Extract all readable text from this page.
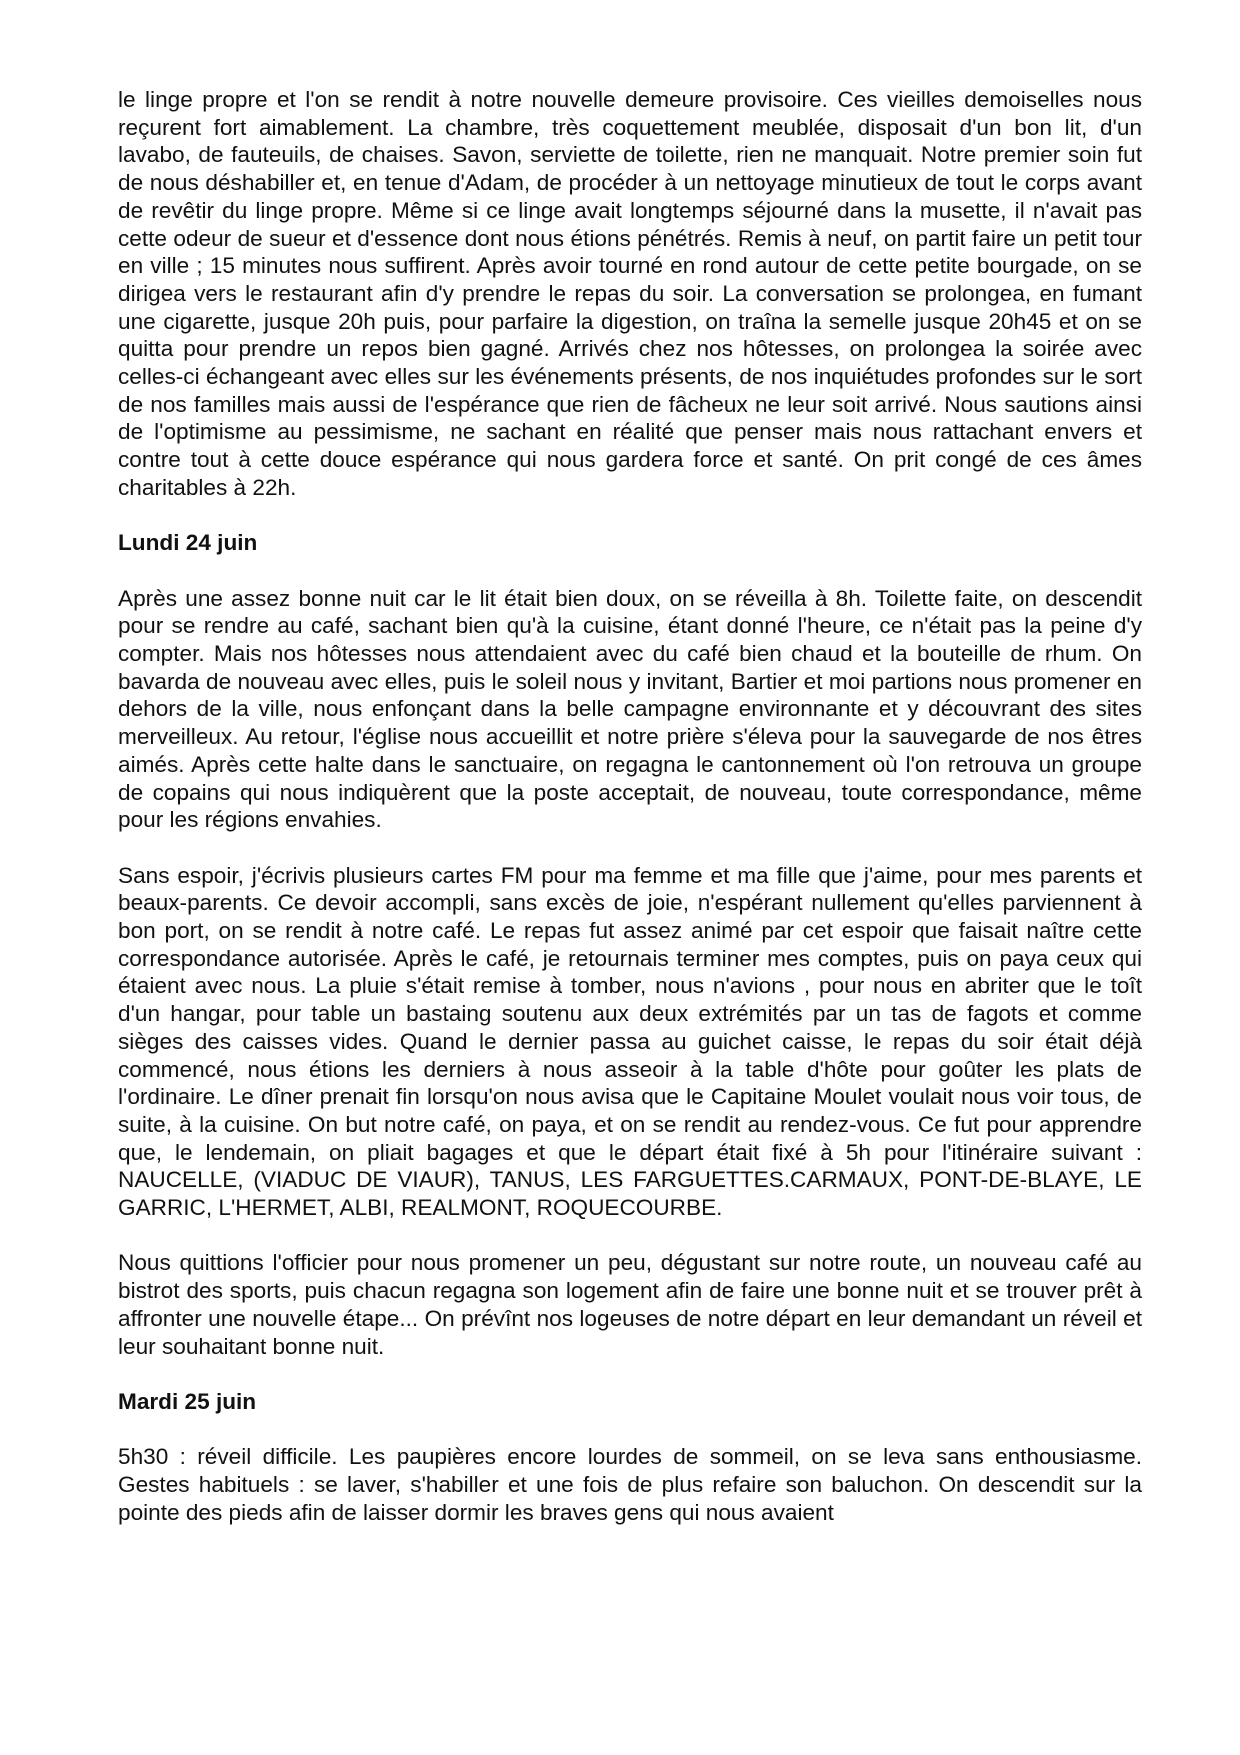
le linge propre et l'on se rendit à notre nouvelle demeure provisoire. Ces vieilles demoiselles nous reçurent fort aimablement. La chambre, très coquettement meublée, disposait d'un bon lit, d'un lavabo, de fauteuils, de chaises. Savon, serviette de toilette, rien ne manquait. Notre premier soin fut de nous déshabiller et, en tenue d'Adam, de procéder à un nettoyage minutieux de tout le corps avant de revêtir du linge propre. Même si ce linge avait longtemps séjourné dans la musette, il n'avait pas cette odeur de sueur et d'essence dont nous étions pénétrés. Remis à neuf, on partit faire un petit tour en ville ; 15 minutes nous suffirent. Après avoir tourné en rond autour de cette petite bourgade, on se dirigea vers le restaurant afin d'y prendre le repas du soir. La conversation se prolongea, en fumant une cigarette, jusque 20h puis, pour parfaire la digestion, on traîna la semelle jusque 20h45 et on se quitta pour prendre un repos bien gagné. Arrivés chez nos hôtesses, on prolongea la soirée avec celles-ci échangeant avec elles sur les événements présents, de nos inquiétudes profondes sur le sort de nos familles mais aussi de l'espérance que rien de fâcheux ne leur soit arrivé. Nous sautions ainsi de l'optimisme au pessimisme, ne sachant en réalité que penser mais nous rattachant envers et contre tout à cette douce espérance qui nous gardera force et santé. On prit congé de ces âmes charitables à 22h.

Lundi 24 juin

Après une assez bonne nuit car le lit était bien doux, on se réveilla à 8h. Toilette faite, on descendit pour se rendre au café, sachant bien qu'à la cuisine, étant donné l'heure, ce n'était pas la peine d'y compter. Mais nos hôtesses nous attendaient avec du café bien chaud et la bouteille de rhum. On bavarda de nouveau avec elles, puis le soleil nous y invitant, Bartier et moi partions nous promener en dehors de la ville, nous enfonçant dans la belle campagne environnante et y découvrant des sites merveilleux. Au retour, l'église nous accueillit et notre prière s'éleva pour la sauvegarde de nos êtres aimés. Après cette halte dans le sanctuaire, on regagna le cantonnement où l'on retrouva un groupe de copains qui nous indiquèrent que la poste acceptait, de nouveau, toute correspondance, même pour les régions envahies.

Sans espoir, j'écrivis plusieurs cartes FM pour ma femme et ma fille que j'aime, pour mes parents et beaux-parents. Ce devoir accompli, sans excès de joie, n'espérant nullement qu'elles parviennent à bon port, on se rendit à notre café. Le repas fut assez animé par cet espoir que faisait naître cette correspondance autorisée. Après le café, je retournais terminer mes comptes, puis on paya ceux qui étaient avec nous. La pluie s'était remise à tomber, nous n'avions , pour nous en abriter que le toît d'un hangar, pour table un bastaing soutenu aux deux extrémités par un tas de fagots et comme sièges des caisses vides. Quand le dernier passa au guichet caisse, le repas du soir était déjà commencé, nous étions les derniers à nous asseoir à la table d'hôte pour goûter les plats de l'ordinaire. Le dîner prenait fin lorsqu'on nous avisa que le Capitaine Moulet voulait nous voir tous, de suite, à la cuisine. On but notre café, on paya, et on se rendit au rendez-vous. Ce fut pour apprendre que, le lendemain, on pliait bagages et que le départ était fixé à 5h pour l'itinéraire suivant : NAUCELLE, (VIADUC DE VIAUR), TANUS, LES FARGUETTES.CARMAUX, PONT-DE-BLAYE, LE GARRIC, L'HERMET, ALBI, REALMONT, ROQUECOURBE.

Nous quittions l'officier pour nous promener un peu, dégustant sur notre route, un nouveau café au bistrot des sports, puis chacun regagna son logement afin de faire une bonne nuit et se trouver prêt à affronter une nouvelle étape... On prévînt nos logeuses de notre départ en leur demandant un réveil et leur souhaitant bonne nuit.

Mardi 25 juin

5h30 : réveil difficile. Les paupières encore lourdes de sommeil, on se leva sans enthousiasme. Gestes habituels : se laver, s'habiller et une fois de plus refaire son baluchon. On descendit sur la pointe des pieds afin de laisser dormir les braves gens qui nous avaient
